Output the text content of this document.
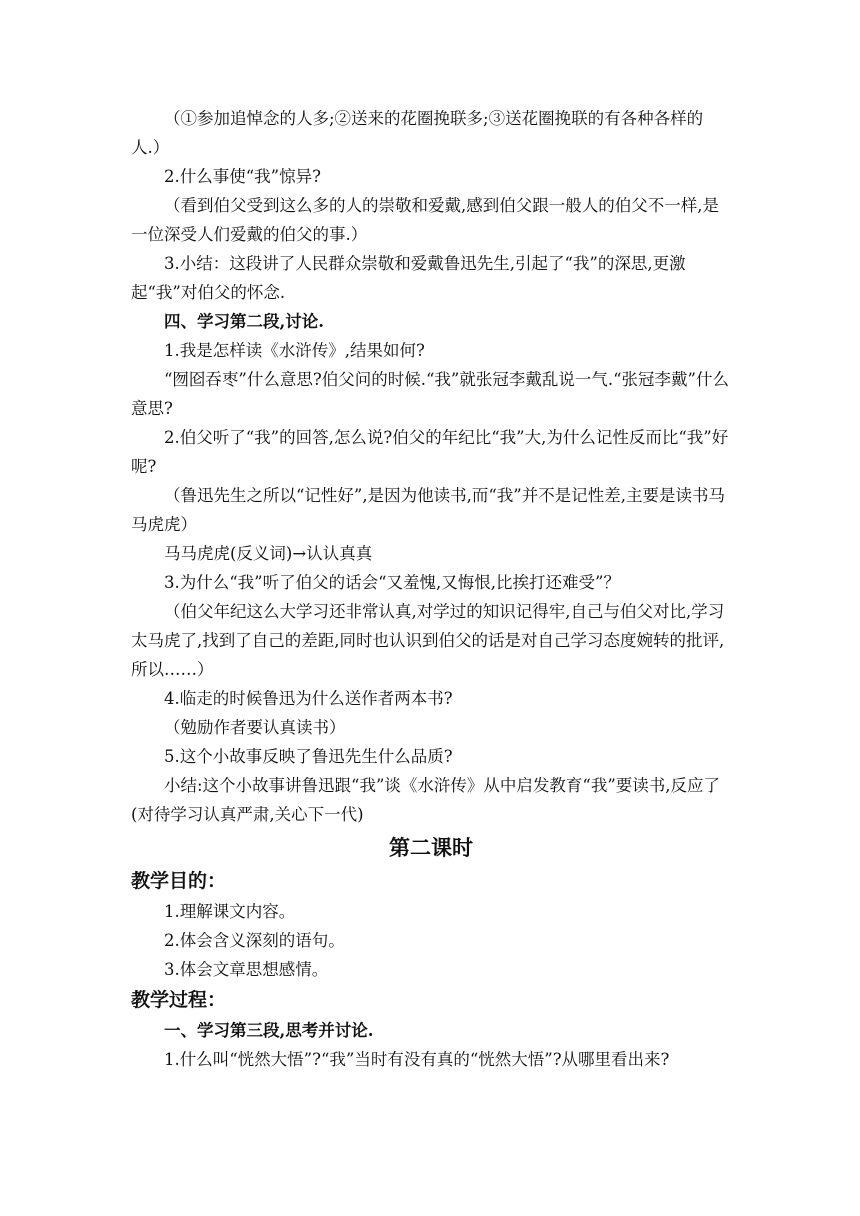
（①参加追悼念的人多;②送来的花圈挽联多;③送花圈挽联的有各种各样的人.）

2.什么事使“我”惊异?

（看到伯父受到这么多的人的崇敬和爱戴,感到伯父跟一般人的伯父不一样,是一位深受人们爱戴的伯父的事.）

3.小结：这段讲了人民群众崇敬和爱戴鲁迅先生,引起了“我”的深思,更激起“我”对伯父的怀念.

四、学习第二段,讨论.

1.我是怎样读《水浒传》,结果如何?

“囫囵吞枣”什么意思?伯父问的时候.“我”就张冠李戴乱说一气.“张冠李戴”什么意思?

2.伯父听了“我”的回答,怎么说?伯父的年纪比“我”大,为什么记性反而比“我”好呢?

（鲁迅先生之所以“记性好”,是因为他读书,而“我”并不是记性差,主要是读书马马虎虎）

马马虎虎(反义词)→认认真真

3.为什么“我”听了伯父的话会“又羞愧,又悔恨,比挨打还难受”？

（伯父年纪这么大学习还非常认真,对学过的知识记得牢,自己与伯父对比,学习太马虎了,找到了自己的差距,同时也认识到伯父的话是对自己学习态度婉转的批评,所以……）

4.临走的时候鲁迅为什么送作者两本书?

（勉励作者要认真读书）

5.这个小故事反映了鲁迅先生什么品质?

小结:这个小故事讲鲁迅跟“我”谈《水浒传》从中启发教育“我”要读书,反应了(对待学习认真严肃,关心下一代)

第二课时

教学目的：

1.理解课文内容。

2.体会含义深刻的语句。

3.体会文章思想感情。

教学过程：

一、学习第三段,思考并讨论.

1.什么叫“恍然大悟”?“我”当时有没有真的“恍然大悟”?从哪里看出来?
